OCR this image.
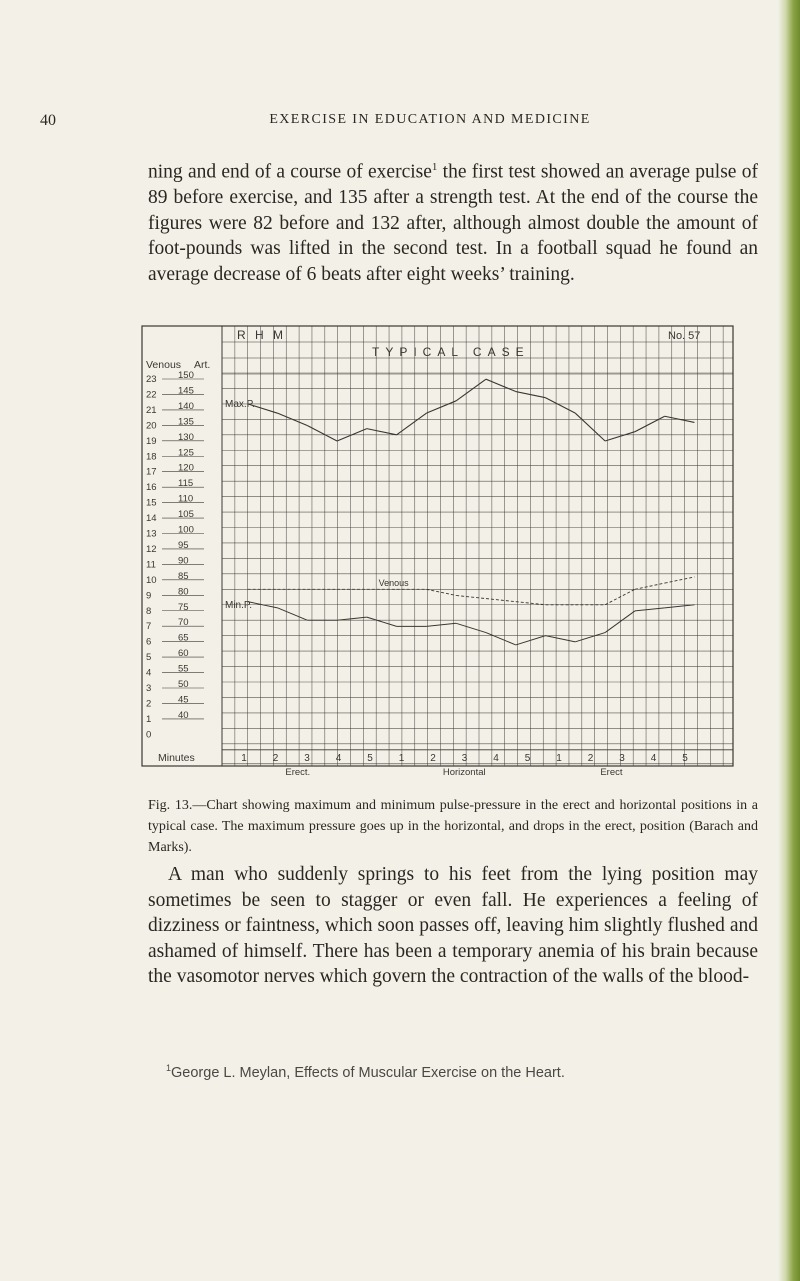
40	EXERCISE IN EDUCATION AND MEDICINE
ning and end of a course of exercise$^1$ the first test showed an average pulse of 89 before exercise, and 135 after a strength test. At the end of the course the figures were 82 before and 132 after, although almost double the amount of foot-pounds was lifted in the second test. In a football squad he found an average decrease of 6 beats after eight weeks’ training.
R H M
TYPICAL CASE
No. 57
Venous Art.
150
145
140
135
130
125
120
115
110
105
100
95
90
85
80
75
70
65
60
55
50
45
40
23
22
21
20
19
18
17
16
15
14
13
12
11
10
9
8
7
6
5
4
3
2
1
0
Max.P.
Min.P.
Venous
Minutes	1	2	3	4	5	1	2	3	4	5	1	2	3	4	5
Erect.	Horizontal	Erect
Fig. 13.—Chart showing maximum and minimum pulse-pressure in the erect and horizontal positions in a typical case. The maximum pressure goes up in the horizontal, and drops in the erect, position (Barach and Marks).
A man who suddenly springs to his feet from the lying position may sometimes be seen to stagger or even fall. He experiences a feeling of dizziness or faintness, which soon passes off, leaving him slightly flushed and ashamed of himself. There has been a temporary anemia of his brain because the vasomotor nerves which govern the contraction of the walls of the blood-
$^1$George L. Meylan, Effects of Muscular Exercise on the Heart.
